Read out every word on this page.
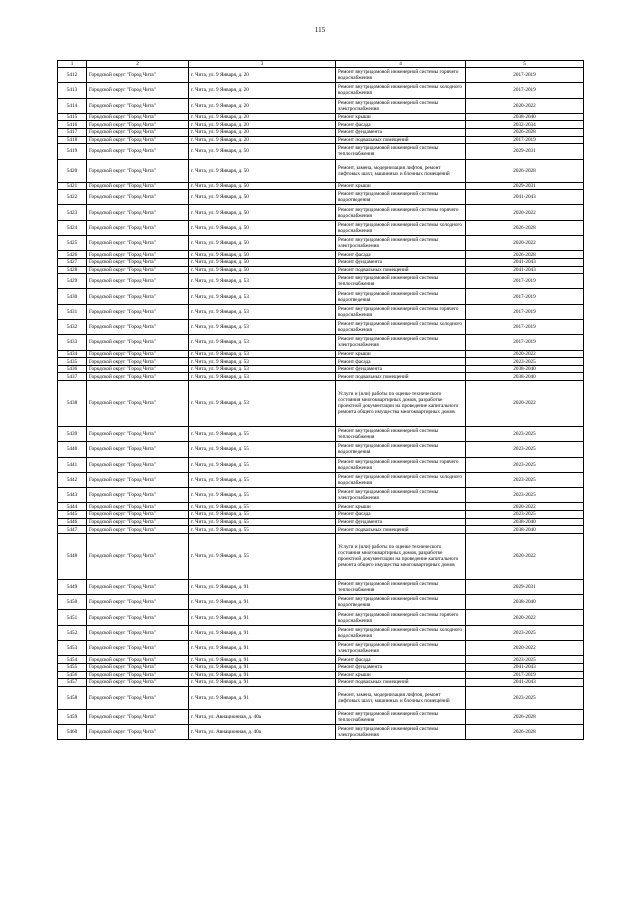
115
1	2	3	4	5
5412	Городской округ "Город Чита"	г. Чита, ул. 9 Января, д. 20	Ремонт внутридомовой инженерной системы горячего водоснабжения	2017-2019
5413	Городской округ "Город Чита"	г. Чита, ул. 9 Января, д. 20	Ремонт внутридомовой инженерной системы холодного водоснабжения	2017-2019
5414	Городской округ "Город Чита"	г. Чита, ул. 9 Января, д. 20	Ремонт внутридомовой инженерной системы электроснабжения	2020-2022
5415	Городской округ "Город Чита"	г. Чита, ул. 9 Января, д. 20	Ремонт крыши	2038-2040
5416	Городской округ "Город Чита"	г. Чита, ул. 9 Января, д. 20	Ремонт фасада	2032-2034
5417	Городской округ "Город Чита"	г. Чита, ул. 9 Января, д. 20	Ремонт фундамента	2026-2028
5418	Городской округ "Город Чита"	г. Чита, ул. 9 Января, д. 20	Ремонт подвальных помещений	2017-2019
5419	Городской округ "Город Чита"	г. Чита, ул. 9 Января, д. 50	Ремонт внутридомовой инженерной системы теплоснабжения	2029-2031
5420	Городской округ "Город Чита"	г. Чита, ул. 9 Января, д. 50	Ремонт, замена, модернизация лифтов, ремонт лифтовых шахт, машинных и блочных помещений	2026-2028
5421	Городской округ "Город Чита"	г. Чита, ул. 9 Января, д. 50	Ремонт крыши	2029-2031
5422	Городской округ "Город Чита"	г. Чита, ул. 9 Января, д. 50	Ремонт внутридомовой инженерной системы водоотведения	2041-2043
5423	Городской округ "Город Чита"	г. Чита, ул. 9 Января, д. 50	Ремонт внутридомовой инженерной системы горячего водоснабжения	2020-2022
5424	Городской округ "Город Чита"	г. Чита, ул. 9 Января, д. 50	Ремонт внутридомовой инженерной системы холодного водоснабжения	2026-2028
5425	Городской округ "Город Чита"	г. Чита, ул. 9 Января, д. 50	Ремонт внутридомовой инженерной системы электроснабжения	2020-2022
5426	Городской округ "Город Чита"	г. Чита, ул. 9 Января, д. 50	Ремонт фасада	2026-2028
5427	Городской округ "Город Чита"	г. Чита, ул. 9 Января, д. 50	Ремонт фундамента	2041-2043
5428	Городской округ "Город Чита"	г. Чита, ул. 9 Января, д. 50	Ремонт подвальных помещений	2041-2043
5429	Городской округ "Город Чита"	г. Чита, ул. 9 Января, д. 53	Ремонт внутридомовой инженерной системы теплоснабжения	2017-2019
5430	Городской округ "Город Чита"	г. Чита, ул. 9 Января, д. 53	Ремонт внутридомовой инженерной системы водоотведения	2017-2019
5431	Городской округ "Город Чита"	г. Чита, ул. 9 Января, д. 53	Ремонт внутридомовой инженерной системы горячего водоснабжения	2017-2019
5432	Городской округ "Город Чита"	г. Чита, ул. 9 Января, д. 53	Ремонт внутридомовой инженерной системы холодного водоснабжения	2017-2019
5433	Городской округ "Город Чита"	г. Чита, ул. 9 Января, д. 53	Ремонт внутридомовой инженерной системы электроснабжения	2017-2019
5434	Городской округ "Город Чита"	г. Чита, ул. 9 Января, д. 53	Ремонт крыши	2020-2022
5435	Городской округ "Город Чита"	г. Чита, ул. 9 Января, д. 53	Ремонт фасада	2023-2025
5436	Городской округ "Город Чита"	г. Чита, ул. 9 Января, д. 53	Ремонт фундамента	2038-2040
5437	Городской округ "Город Чита"	г. Чита, ул. 9 Января, д. 53	Ремонт подвальных помещений	2038-2040
5438	Городской округ "Город Чита"	г. Чита, ул. 9 Января, д. 53	Услуги и (или) работы по оценке технического состояния многоквартирных домов, разработке проектной документации на проведение капитального ремонта общего имущества многоквартирных домов	2020-2022
5439	Городской округ "Город Чита"	г. Чита, ул. 9 Января, д. 55	Ремонт внутридомовой инженерной системы теплоснабжения	2023-2025
5440	Городской округ "Город Чита"	г. Чита, ул. 9 Января, д. 55	Ремонт внутридомовой инженерной системы водоотведения	2023-2025
5441	Городской округ "Город Чита"	г. Чита, ул. 9 Января, д. 55	Ремонт внутридомовой инженерной системы горячего водоснабжения	2023-2025
5442	Городской округ "Город Чита"	г. Чита, ул. 9 Января, д. 55	Ремонт внутридомовой инженерной системы холодного водоснабжения	2023-2025
5443	Городской округ "Город Чита"	г. Чита, ул. 9 Января, д. 55	Ремонт внутридомовой инженерной системы электроснабжения	2023-2025
5444	Городской округ "Город Чита"	г. Чита, ул. 9 Января, д. 55	Ремонт крыши	2020-2022
5445	Городской округ "Город Чита"	г. Чита, ул. 9 Января, д. 55	Ремонт фасада	2023-2025
5446	Городской округ "Город Чита"	г. Чита, ул. 9 Января, д. 55	Ремонт фундамента	2038-2040
5447	Городской округ "Город Чита"	г. Чита, ул. 9 Января, д. 55	Ремонт подвальных помещений	2038-2040
5448	Городской округ "Город Чита"	г. Чита, ул. 9 Января, д. 55	Услуги и (или) работы по оценке технического состояния многоквартирных домов, разработке проектной документации на проведение капитального ремонта общего имущества многоквартирных домов	2020-2022
5449	Городской округ "Город Чита"	г. Чита, ул. 9 Января, д. 91	Ремонт внутридомовой инженерной системы теплоснабжения	2029-2031
5450	Городской округ "Город Чита"	г. Чита, ул. 9 Января, д. 91	Ремонт внутридомовой инженерной системы водоотведения	2038-2040
5451	Городской округ "Город Чита"	г. Чита, ул. 9 Января, д. 91	Ремонт внутридомовой инженерной системы горячего водоснабжения	2020-2022
5452	Городской округ "Город Чита"	г. Чита, ул. 9 Января, д. 91	Ремонт внутридомовой инженерной системы холодного водоснабжения	2023-2025
5453	Городской округ "Город Чита"	г. Чита, ул. 9 Января, д. 91	Ремонт внутридомовой инженерной системы электроснабжения	2020-2022
5454	Городской округ "Город Чита"	г. Чита, ул. 9 Января, д. 91	Ремонт фасада	2023-2025
5455	Городской округ "Город Чита"	г. Чита, ул. 9 Января, д. 91	Ремонт фундамента	2041-2043
5456	Городской округ "Город Чита"	г. Чита, ул. 9 Января, д. 91	Ремонт крыши	2017-2019
5457	Городской округ "Город Чита"	г. Чита, ул. 9 Января, д. 91	Ремонт подвальных помещений	2041-2043
5458	Городской округ "Город Чита"	г. Чита, ул. 9 Января, д. 91	Ремонт, замена, модернизация лифтов, ремонт лифтовых шахт, машинных и блочных помещений	2023-2025
5459	Городской округ "Город Чита"	г. Чита, ул. Авиационная, д. 40а	Ремонт внутридомовой инженерной системы теплоснабжения	2026-2028
5460	Городской округ "Город Чита"	г. Чита, ул. Авиационная, д. 40а	Ремонт внутридомовой инженерной системы электроснабжения	2026-2028
